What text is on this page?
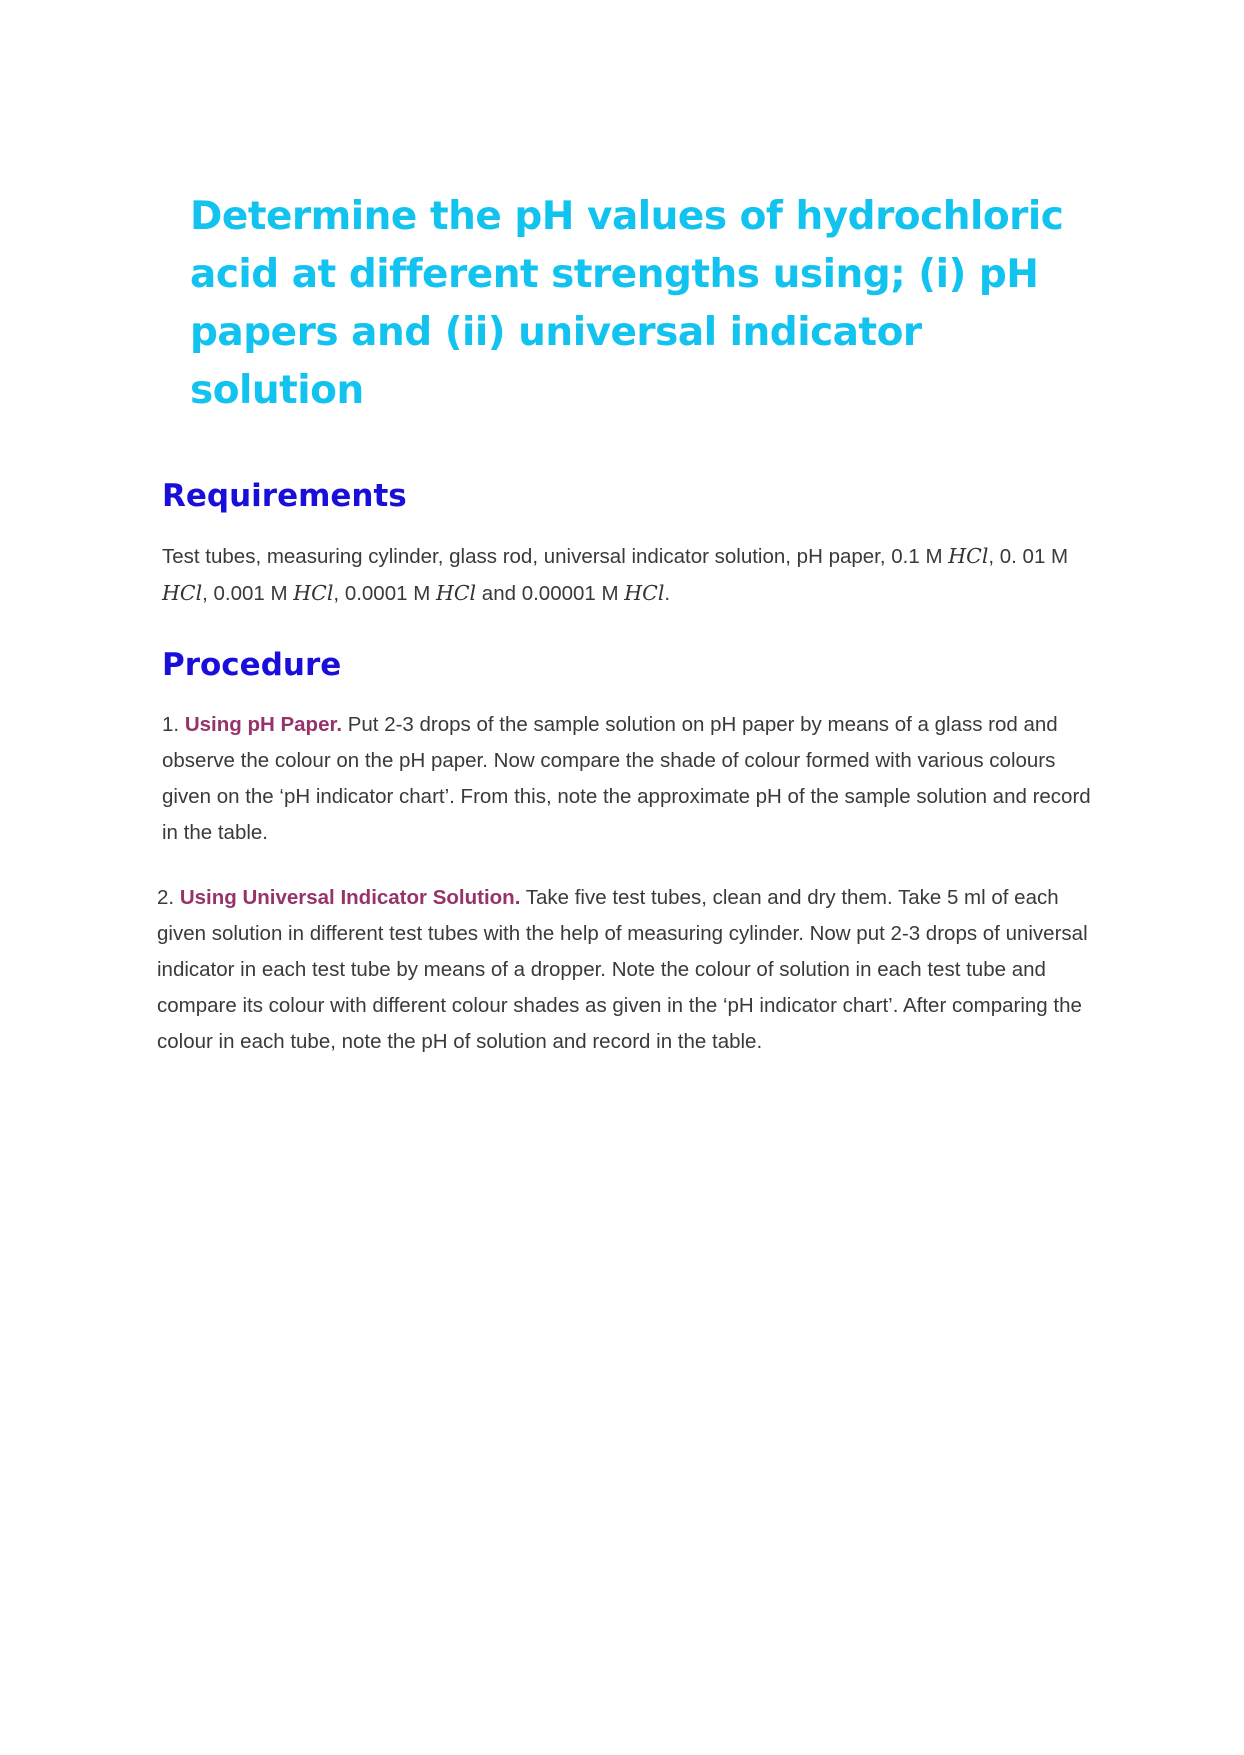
Determine the pH values of hydrochloric acid at different strengths using; (i) pH papers and (ii) universal indicator solution
Requirements

Test tubes, measuring cylinder, glass rod, universal indicator solution, pH paper, 0.1 M HCl, 0. 01 M HCl, 0.001 M HCl, 0.0001 M HCl and 0.00001 M HCl.

Procedure

1. Using pH Paper. Put 2-3 drops of the sample solution on pH paper by means of a glass rod and observe the colour on the pH paper. Now compare the shade of colour formed with various colours given on the ‘pH indicator chart’. From this, note the approximate pH of the sample solution and record in the table.

2. Using Universal Indicator Solution. Take five test tubes, clean and dry them. Take 5 ml of each given solution in different test tubes with the help of measuring cylinder. Now put 2-3 drops of universal indicator in each test tube by means of a dropper. Note the colour of solution in each test tube and compare its colour with different colour shades as given in the ‘pH indicator chart’. After comparing the colour in each tube, note the pH of solution and record in the table.
